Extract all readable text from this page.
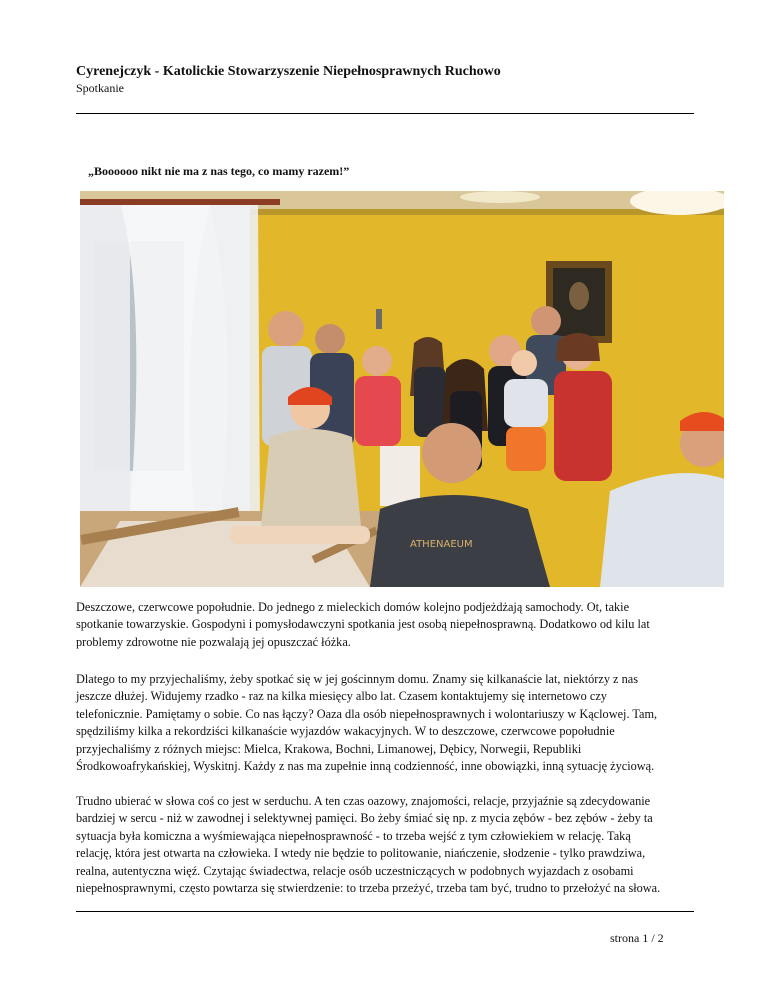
Cyrenejczyk - Katolickie Stowarzyszenie Niepełnosprawnych Ruchowo
Spotkanie
„Boooooo nikt nie ma z nas tego, co mamy razem!”
ATHENAEUM
Deszczowe, czerwcowe popołudnie. Do jednego z mieleckich domów kolejno podjeżdżają samochody. Ot, takie
spotkanie towarzyskie. Gospodyni i pomysłodawczyni spotkania jest osobą niepełnosprawną. Dodatkowo od kilu lat
problemy zdrowotne nie pozwalają jej opuszczać łóżka.
Dlatego to my przyjechaliśmy, żeby spotkać się w jej gościnnym domu. Znamy się kilkanaście lat, niektórzy z nas
jeszcze dłużej. Widujemy rzadko - raz na kilka miesięcy albo lat. Czasem kontaktujemy się internetowo czy
telefonicznie. Pamiętamy o sobie. Co nas łączy? Oaza dla osób niepełnosprawnych i wolontariuszy w Kąclowej. Tam,
spędziliśmy kilka a rekordziści kilkanaście wyjazdów wakacyjnych. W to deszczowe, czerwcowe popołudnie
przyjechaliśmy z różnych miejsc: Mielca, Krakowa, Bochni, Limanowej, Dębicy, Norwegii, Republiki
Środkowoafrykańskiej, Wyskitnj. Każdy z nas ma zupełnie inną codzienność, inne obowiązki, inną sytuację życiową.
Trudno ubierać w słowa coś co jest w serduchu. A ten czas oazowy, znajomości, relacje, przyjaźnie są zdecydowanie
bardziej w sercu - niż w zawodnej i selektywnej pamięci. Bo żeby śmiać się np. z mycia zębów - bez zębów - żeby ta
sytuacja była komiczna a wyśmiewająca niepełnosprawność - to trzeba wejść z tym człowiekiem w relację. Taką
relację, która jest otwarta na człowieka. I wtedy nie będzie to politowanie, niańczenie, słodzenie - tylko prawdziwa,
realna, autentyczna więź. Czytając świadectwa, relacje osób uczestniczących w podobnych wyjazdach z osobami
niepełnosprawnymi, często powtarza się stwierdzenie: to trzeba przeżyć, trzeba tam być, trudno to przełożyć na słowa.
strona 1 / 2
